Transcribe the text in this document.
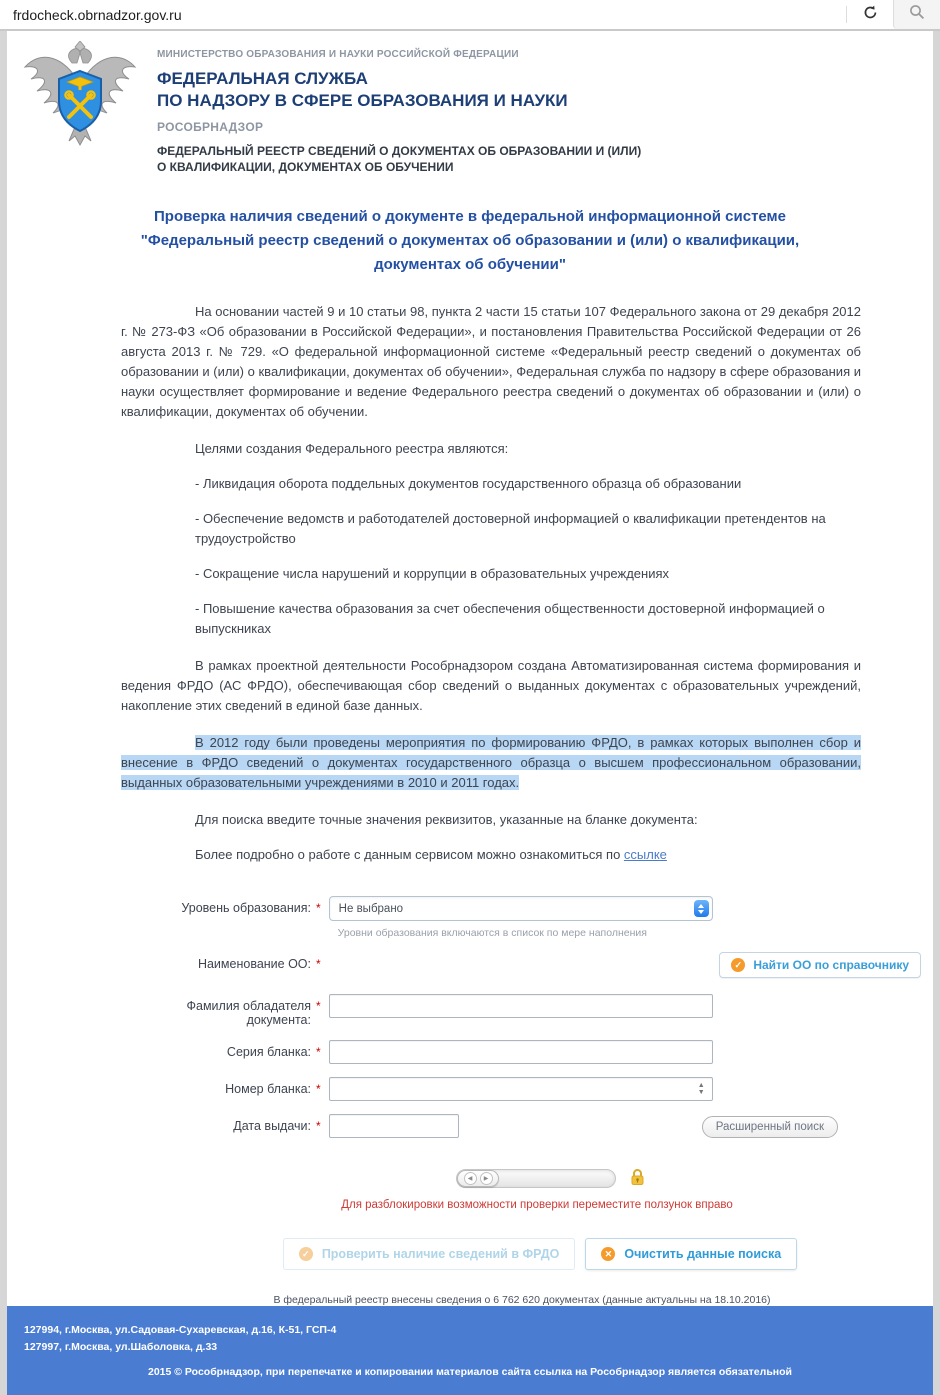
frdocheck.obrnadzor.gov.ru
МИНИСТЕРСТВО ОБРАЗОВАНИЯ И НАУКИ РОССИЙСКОЙ ФЕДЕРАЦИИ
ФЕДЕРАЛЬНАЯ СЛУЖБА
ПО НАДЗОРУ В СФЕРЕ ОБРАЗОВАНИЯ И НАУКИ
РОСОБРНАДЗОР
ФЕДЕРАЛЬНЫЙ РЕЕСТР СВЕДЕНИЙ О ДОКУМЕНТАХ ОБ ОБРАЗОВАНИИ И (ИЛИ)
О КВАЛИФИКАЦИИ, ДОКУМЕНТАХ ОБ ОБУЧЕНИИ
Проверка наличия сведений о документе в федеральной информационной системе "Федеральный реестр сведений о документах об образовании и (или) о квалификации, документах об обучении"

На основании частей 9 и 10 статьи 98, пункта 2 части 15 статьи 107 Федерального закона от 29 декабря 2012 г. № 273-ФЗ «Об образовании в Российской Федерации», и постановления Правительства Российской Федерации от 26 августа 2013 г. № 729. «О федеральной информационной системе «Федеральный реестр сведений о документах об образовании и (или) о квалификации, документах об обучении», Федеральная служба по надзору в сфере образования и науки осуществляет формирование и ведение Федерального реестра сведений о документах об образовании и (или) о квалификации, документах об обучении.

Целями создания Федерального реестра являются:

- Ликвидация оборота поддельных документов государственного образца об образовании

- Обеспечение ведомств и работодателей достоверной информацией о квалификации претендентов на трудоустройство

- Сокращение числа нарушений и коррупции в образовательных учреждениях

- Повышение качества образования за счет обеспечения общественности достоверной информацией о выпускниках

В рамках проектной деятельности Рособрнадзором создана Автоматизированная система формирования и ведения ФРДО (АС ФРДО), обеспечивающая сбор сведений о выданных документах с образовательных учреждений, накопление этих сведений в единой базе данных.

В 2012 году были проведены мероприятия по формированию ФРДО, в рамках которых выполнен сбор и внесение в ФРДО сведений о документах государственного образца о высшем профессиональном образовании, выданных образовательными учреждениями в 2010 и 2011 годах.

Для поиска введите точные значения реквизитов, указанные на бланке документа:

Более подробно о работе с данным сервисом можно ознакомиться по ссылке

Уровень образования: *	Не выбрано
Уровни образования включаются в список по мере наполнения
Наименование ОО: *	✓ Найти ОО по справочнику
Фамилия обладателя документа:
*
Серия бланка: *
Номер бланка: *	▲
▼
Дата выдачи: *	Расширенный поиск
◀	▶
Для разблокировки возможности проверки переместите ползунок вправо
✓ Проверить наличие сведений в ФРДО	✕ Очистить данные поиска
В федеральный реестр внесены сведения о 6 762 620 документах (данные актуальны на 18.10.2016)
127994, г.Москва, ул.Садовая-Сухаревская, д.16, К-51, ГСП-4
127997, г.Москва, ул.Шаболовка, д.33
2015 © Рособрнадзор, при перепечатке и копировании материалов сайта ссылка на Рособрнадзор является обязательной
